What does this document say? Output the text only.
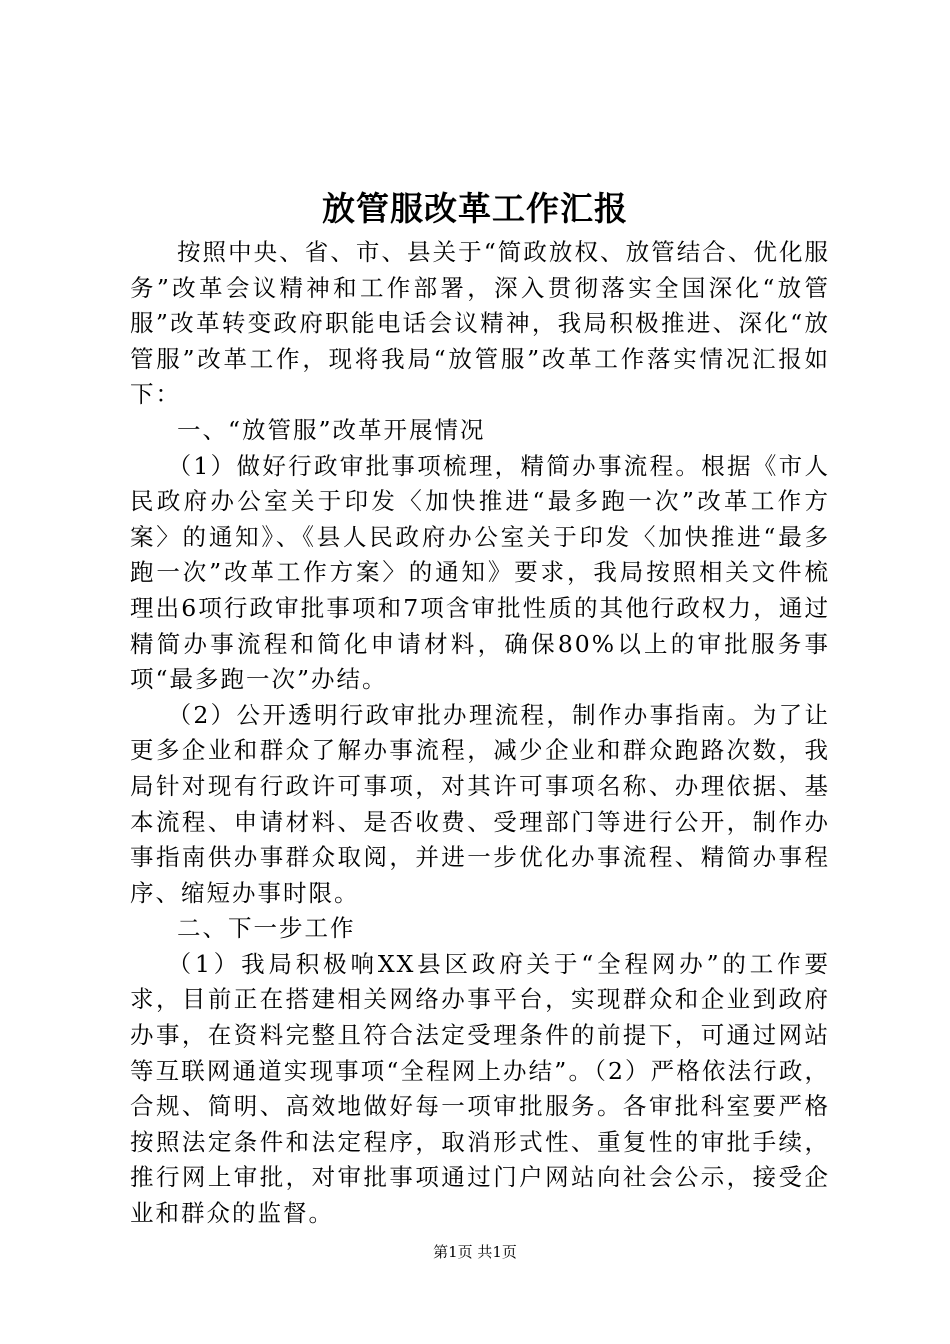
放管服改革工作汇报

按照中央、省、市、县关于“简政放权、放管结合、优化服务”改革会议精神和工作部署，深入贯彻落实全国深化“放管服”改革转变政府职能电话会议精神，我局积极推进、深化“放管服”改革工作，现将我局“放管服”改革工作落实情况汇报如下：

一、“放管服”改革开展情况

（1）做好行政审批事项梳理，精简办事流程。根据《市人民政府办公室关于印发〈加快推进“最多跑一次”改革工作方案〉的通知》、《县人民政府办公室关于印发〈加快推进“最多跑一次”改革工作方案〉的通知》要求，我局按照相关文件梳理出6项行政审批事项和7项含审批性质的其他行政权力，通过精简办事流程和简化申请材料，确保80%以上的审批服务事项“最多跑一次”办结。

（2）公开透明行政审批办理流程，制作办事指南。为了让更多企业和群众了解办事流程，减少企业和群众跑路次数，我局针对现有行政许可事项，对其许可事项名称、办理依据、基本流程、申请材料、是否收费、受理部门等进行公开，制作办事指南供办事群众取阅，并进一步优化办事流程、精简办事程序、缩短办事时限。

二、下一步工作

（1）我局积极响XX县区政府关于“全程网办”的工作要求，目前正在搭建相关网络办事平台，实现群众和企业到政府办事，在资料完整且符合法定受理条件的前提下，可通过网站等互联网通道实现事项“全程网上办结”。（2）严格依法行政，合规、简明、高效地做好每一项审批服务。各审批科室要严格按照法定条件和法定程序，取消形式性、重复性的审批手续，推行网上审批，对审批事项通过门户网站向社会公示，接受企业和群众的监督。

第1页 共1页
